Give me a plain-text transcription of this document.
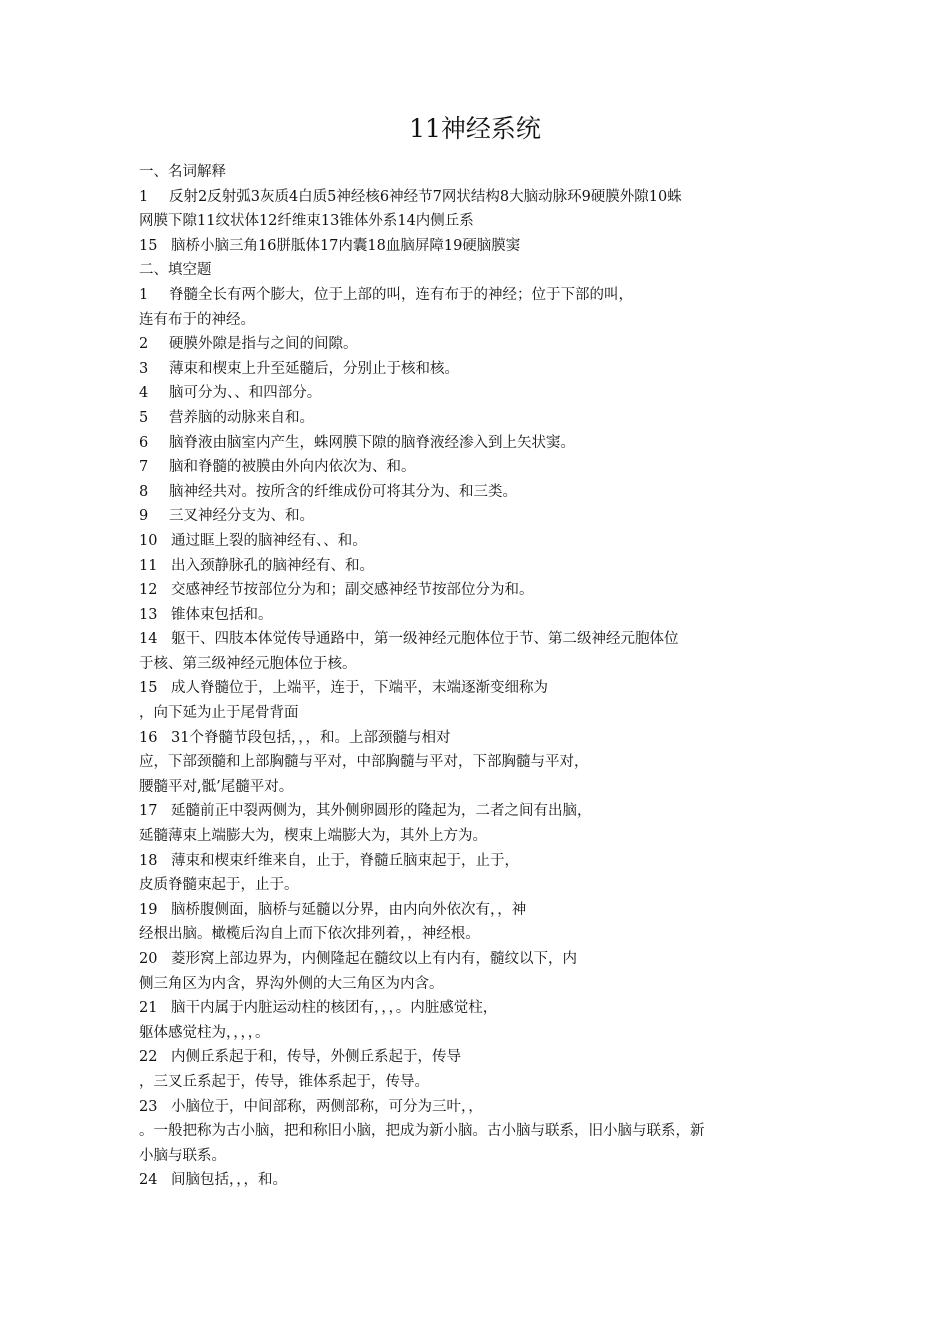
11神经系统
一、名词解释
1 反射2反射弧3灰质4白质5神经核6神经节7网状结构8大脑动脉环9硬膜外隙10蛛
网膜下隙11纹状体12纤维束13锥体外系14内侧丘系
15 脑桥小脑三角16胼胝体17内囊18血脑屏障19硬脑膜窦
二、填空题
1 脊髓全长有两个膨大，位于上部的叫，连有布于的神经；位于下部的叫，
连有布于的神经。
2 硬膜外隙是指与之间的间隙。
3 薄束和楔束上升至延髓后，分别止于核和核。
4 脑可分为、、和四部分。
5 营养脑的动脉来自和。
6 脑脊液由脑室内产生，蛛网膜下隙的脑脊液经渗入到上矢状窦。
7 脑和脊髓的被膜由外向内依次为、和。
8 脑神经共对。按所含的纤维成份可将其分为、和三类。
9 三叉神经分支为、和。
10 通过眶上裂的脑神经有、、和。
11 出入颈静脉孔的脑神经有、和。
12 交感神经节按部位分为和；副交感神经节按部位分为和。
13 锥体束包括和。
14 躯干、四肢本体觉传导通路中，第一级神经元胞体位于节、第二级神经元胞体位
于核、第三级神经元胞体位于核。
15 成人脊髓位于，上端平，连于，下端平，末端逐渐变细称为
，向下延为止于尾骨背面
16 31个脊髓节段包括，，，和。上部颈髓与相对
应，下部颈髓和上部胸髓与平对，中部胸髓与平对，下部胸髓与平对，
腰髓平对,骶’尾髓平对。
17 延髓前正中裂两侧为，其外侧卵圆形的隆起为，二者之间有出脑，
延髓薄束上端膨大为，楔束上端膨大为，其外上方为。
18 薄束和楔束纤维来自，止于，脊髓丘脑束起于，止于，
皮质脊髓束起于，止于。
19 脑桥腹侧面，脑桥与延髓以分界，由内向外依次有，，神
经根出脑。橄榄后沟自上而下依次排列着，，神经根。
20 菱形窝上部边界为，内侧隆起在髓纹以上有内有，髓纹以下，内
侧三角区为内含，界沟外侧的大三角区为内含。
21 脑干内属于内脏运动柱的核团有，，，。内脏感觉柱，
躯体感觉柱为，，，，。
22 内侧丘系起于和，传导，外侧丘系起于，传导
，三叉丘系起于，传导，锥体系起于，传导。
23 小脑位于，中间部称，两侧部称，可分为三叶，，
。一般把称为古小脑，把和称旧小脑，把成为新小脑。古小脑与联系，旧小脑与联系，新
小脑与联系。
24 间脑包括，，，和。
